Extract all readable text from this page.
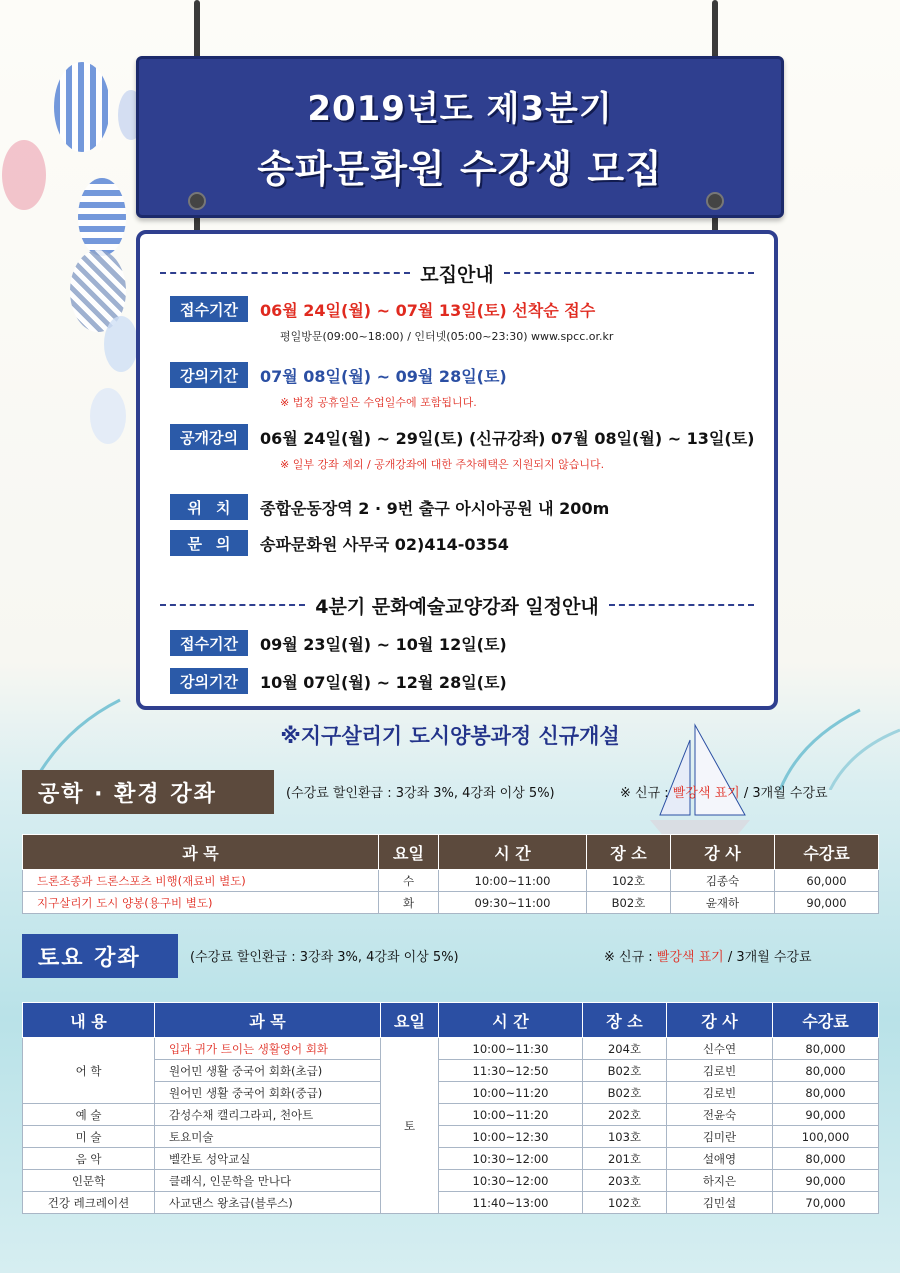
2019년도 제3분기
송파문화원 수강생 모집
모집안내
접수기간	06월 24일(월) ~ 07월 13일(토) 선착순 접수
평일방문(09:00~18:00) / 인터넷(05:00~23:30) www.spcc.or.kr
강의기간	07월 08일(월) ~ 09월 28일(토)
※ 법정 공휴일은 수업일수에 포함됩니다.
공개강의	06월 24일(월) ~ 29일(토) (신규강좌) 07월 08일(월) ~ 13일(토)
※ 일부 강좌 제외 / 공개강좌에 대한 주차혜택은 지원되지 않습니다.
위치 종합운동장역 2 · 9번 출구 아시아공원 내 200m
문의 송파문화원 사무국 02)414-0354
4분기 문화예술교양강좌 일정안내
접수기간	09월 23일(월) ~ 10월 12일(토)
강의기간	10월 07일(월) ~ 12월 28일(토)
※지구살리기 도시양봉과정 신규개설
공학 · 환경 강좌	(수강료 할인환급 : 3강좌 3%, 4강좌 이상 5%)	※ 신규 : 빨강색 표기 / 3개월 수강료
과 목	요일	시 간	장 소	강 사	수강료
드론조종과 드론스포츠 비행(재료비 별도)	수	10:00~11:00	102호	김종숙	60,000
지구살리기 도시 양봉(용구비 별도)	화	09:30~11:00	B02호	윤재하	90,000
토요 강좌	(수강료 할인환급 : 3강좌 3%, 4강좌 이상 5%)	※ 신규 : 빨강색 표기 / 3개월 수강료
내 용	과 목	요일	시 간	장 소	강 사	수강료
어 학	입과 귀가 트이는 생활영어 회화	토	10:00~11:30	204호	신수연	80,000
	원어민 생활 중국어 회화(초급)		11:30~12:50	B02호	김로빈	80,000
	원어민 생활 중국어 회화(중급)		10:00~11:20	B02호	김로빈	80,000
예 술	감성수채 캘리그라피, 천아트		10:00~11:20	202호	전윤숙	90,000
미 술	토요미술		10:00~12:30	103호	김미란	100,000
음 악	벨칸토 성악교실		10:30~12:00	201호	설애영	80,000
인문학	클래식, 인문학을 만나다		10:30~12:00	203호	하지은	90,000
건강 레크레이션	사교댄스 왕초급(블루스)		11:40~13:00	102호	김민설	70,000
